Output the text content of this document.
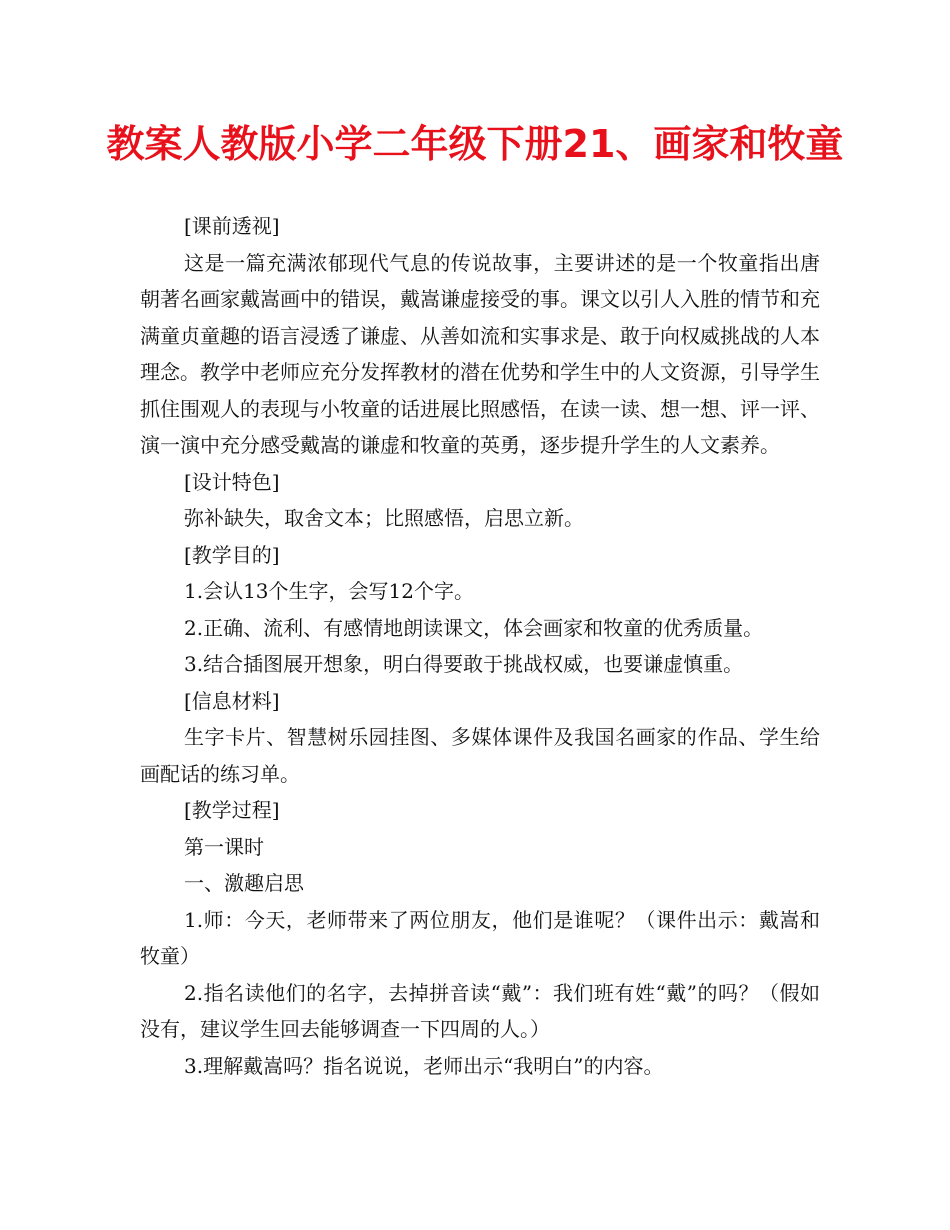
教案人教版小学二年级下册21、画家和牧童

[课前透视]

这是一篇充满浓郁现代气息的传说故事，主要讲述的是一个牧童指出唐朝著名画家戴嵩画中的错误，戴嵩谦虚接受的事。课文以引人入胜的情节和充满童贞童趣的语言浸透了谦虚、从善如流和实事求是、敢于向权威挑战的人本理念。教学中老师应充分发挥教材的潜在优势和学生中的人文资源，引导学生抓住围观人的表现与小牧童的话进展比照感悟，在读一读、想一想、评一评、演一演中充分感受戴嵩的谦虚和牧童的英勇，逐步提升学生的人文素养。

[设计特色]

弥补缺失，取舍文本；比照感悟，启思立新。

[教学目的]

1.会认13个生字，会写12个字。

2.正确、流利、有感情地朗读课文，体会画家和牧童的优秀质量。

3.结合插图展开想象，明白得要敢于挑战权威，也要谦虚慎重。

[信息材料]

生字卡片、智慧树乐园挂图、多媒体课件及我国名画家的作品、学生给画配话的练习单。

[教学过程]

第一课时

一、激趣启思

1.师：今天，老师带来了两位朋友，他们是谁呢？（课件出示：戴嵩和牧童）

2.指名读他们的名字，去掉拼音读“戴”：我们班有姓“戴”的吗？（假如没有，建议学生回去能够调查一下四周的人。）

3.理解戴嵩吗？指名说说，老师出示“我明白”的内容。
